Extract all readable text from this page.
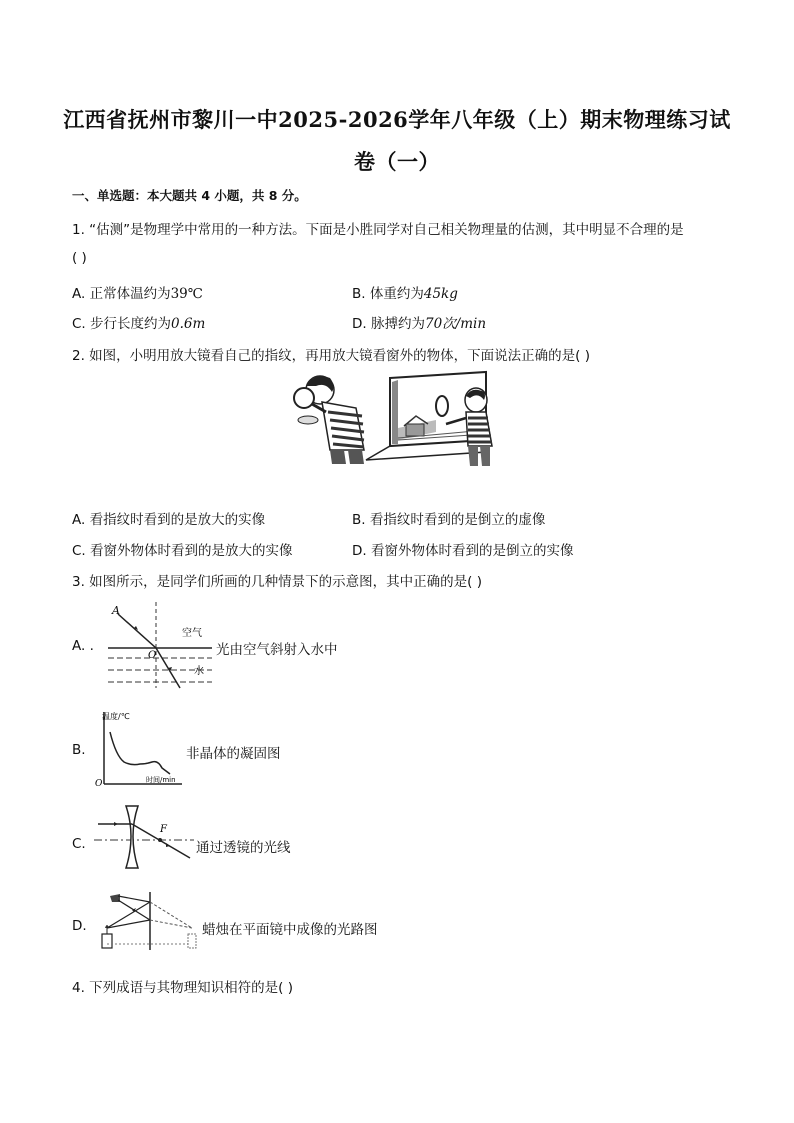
江西省抚州市黎川一中2025-2026学年八年级（上）期末物理练习试
卷（一）
一、单选题：本大题共 4 小题，共 8 分。
1. “估测”是物理学中常用的一种方法。下面是小胜同学对自己相关物理量的估测，其中明显不合理的是
( )
A. 正常体温约为39℃	B. 体重约为45kg
C. 步行长度约为0.6m	D. 脉搏约为70次/min
2. 如图，小明用放大镜看自己的指纹，再用放大镜看窗外的物体，下面说法正确的是( )
A. 看指纹时看到的是放大的实像	B. 看指纹时看到的是倒立的虚像
C. 看窗外物体时看到的是放大的实像	D. 看窗外物体时看到的是倒立的实像
3. 如图所示，是同学们所画的几种情景下的示意图，其中正确的是( )
A. .
A
O
空气
水
光由空气斜射入水中
B.
温度/℃
时间/min
O
非晶体的凝固图
C.
F
通过透镜的光线
D.	蜡烛在平面镜中成像的光路图
4. 下列成语与其物理知识相符的是( )
